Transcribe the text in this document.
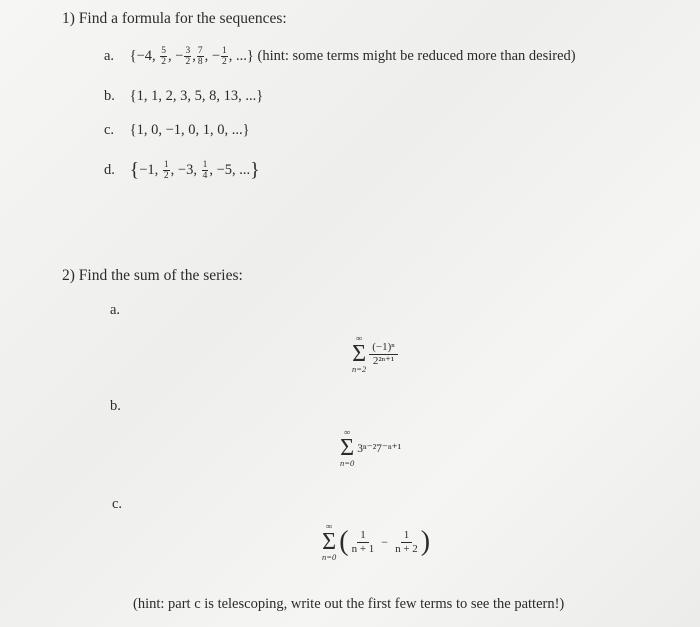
1) Find a formula for the sequences:
a. {−4, $\frac{5}{2}$ , − $\frac{3}{2}$ , $\frac{7}{8}$ , − $\frac{1}{2}$ , ...} (hint: some terms might be reduced more than desired)
b. {1, 1, 2, 3, 5, 8, 13, ...}
c. {1, 0, −1, 0, 1, 0, ...}
d. {−1, $\frac{1}{2}$ , −3, $\frac{1}{4}$ , −5, ...}
2) Find the sum of the series:
a.
∞
Σ
n=2
$\frac{\text{(−1)ⁿ}}{\text{2²ⁿ⁺¹}}$
b.
∞
Σ
n=0
3ⁿ⁻²7⁻ⁿ⁺¹
c.
∞
Σ
n=0 ( $\frac{1}{n + 1} - \frac{1}{n + 2}$ )
(hint: part c is telescoping, write out the first few terms to see the pattern!)
